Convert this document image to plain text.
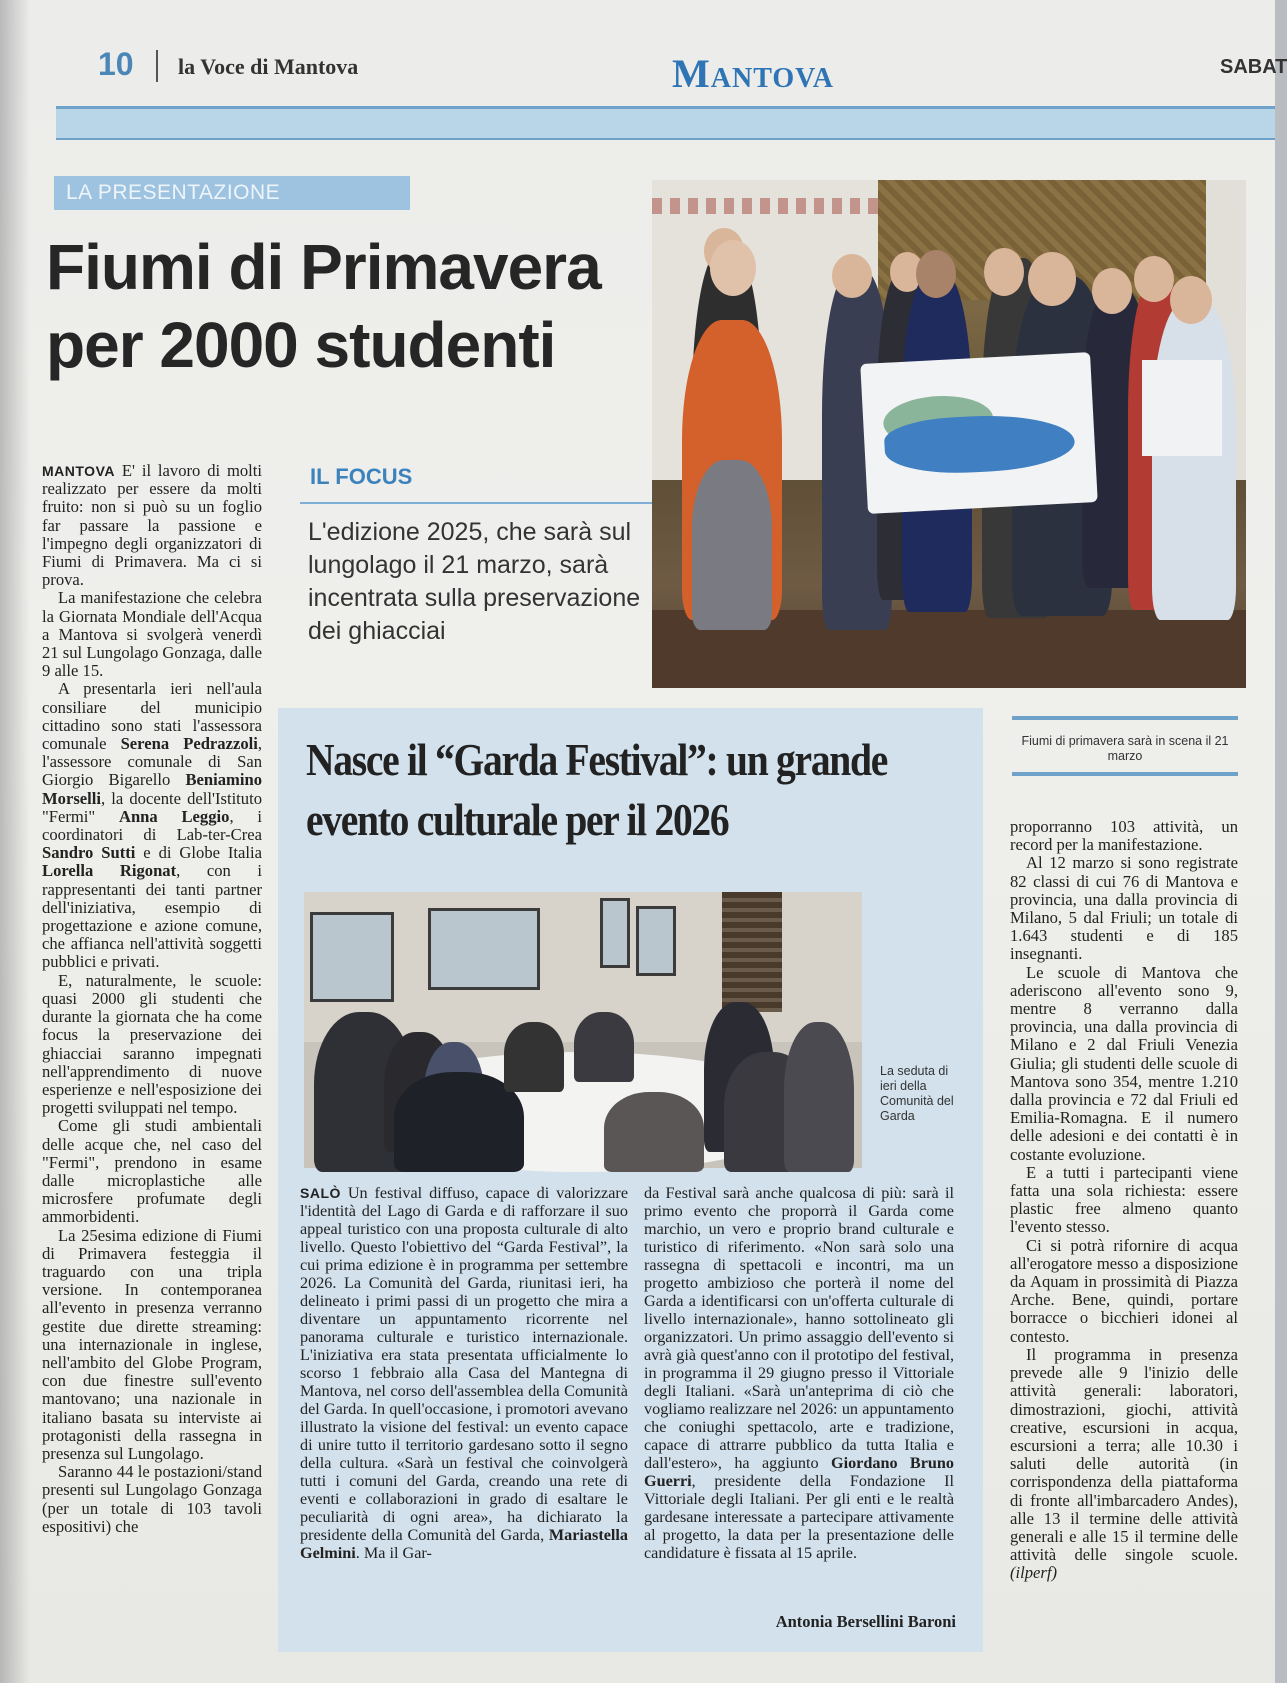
10 la Voce di Mantova	Mantova	SABAT
LA PRESENTAZIONE
Fiumi di Primavera
per 2000 studenti
IL FOCUS
L'edizione 2025, che sarà sul lungolago il 21 marzo, sarà incentrata sulla preservazione dei ghiacciai

MANTOVA E' il lavoro di molti realizzato per essere da molti fruito: non si può su un foglio far passare la passione e l'impegno degli organizzatori di Fiumi di Primavera. Ma ci si prova.

La manifestazione che celebra la Giornata Mondiale dell'Acqua a Mantova si svolgerà venerdì 21 sul Lungolago Gonzaga, dalle 9 alle 15.

A presentarla ieri nell'aula consiliare del municipio cittadino sono stati l'assessora comunale Serena Pedrazzoli, l'assessore comunale di San Giorgio Bigarello Beniamino Morselli, la docente dell'Istituto "Fermi" Anna Leggio, i coordinatori di Lab-ter-Crea Sandro Sutti e di Globe Italia Lorella Rigonat, con i rappresentanti dei tanti partner dell'iniziativa, esempio di progettazione e azione comune, che affianca nell'attività soggetti pubblici e privati.

E, naturalmente, le scuole: quasi 2000 gli studenti che durante la giornata che ha come focus la preservazione dei ghiacciai saranno impegnati nell'apprendimento di nuove esperienze e nell'esposizione dei progetti sviluppati nel tempo.

Come gli studi ambientali delle acque che, nel caso del "Fermi", prendono in esame dalle microplastiche alle microsfere profumate degli ammorbidenti.

La 25esima edizione di Fiumi di Primavera festeggia il traguardo con una tripla versione. In contemporanea all'evento in presenza verranno gestite due dirette streaming: una internazionale in inglese, nell'ambito del Globe Program, con due finestre sull'evento mantovano; una nazionale in italiano basata su interviste ai protagonisti della rassegna in presenza sul Lungolago.

Saranno 44 le postazioni/stand presenti sul Lungolago Gonzaga (per un totale di 103 tavoli espositivi) che

Nasce il “Garda Festival”: un grande
evento culturale per il 2026
La seduta di ieri della Comunità del Garda

SALÒ Un festival diffuso, capace di valorizzare l'identità del Lago di Garda e di rafforzare il suo appeal turistico con una proposta culturale di alto livello. Questo l'obiettivo del “Garda Festival”, la cui prima edizione è in programma per settembre 2026. La Comunità del Garda, riunitasi ieri, ha delineato i primi passi di un progetto che mira a diventare un appuntamento ricorrente nel panorama culturale e turistico internazionale. L'iniziativa era stata presentata ufficialmente lo scorso 1 febbraio alla Casa del Mantegna di Mantova, nel corso dell'assemblea della Comunità del Garda. In quell'occasione, i promotori avevano illustrato la visione del festival: un evento capace di unire tutto il territorio gardesano sotto il segno della cultura. «Sarà un festival che coinvolgerà tutti i comuni del Garda, creando una rete di eventi e collaborazioni in grado di esaltare le peculiarità di ogni area», ha dichiarato la presidente della Comunità del Garda, Mariastella Gelmini. Ma il Gar-

da Festival sarà anche qualcosa di più: sarà il primo evento che proporrà il Garda come marchio, un vero e proprio brand culturale e turistico di riferimento. «Non sarà solo una rassegna di spettacoli e incontri, ma un progetto ambizioso che porterà il nome del Garda a identificarsi con un'offerta culturale di livello internazionale», hanno sottolineato gli organizzatori. Un primo assaggio dell'evento si avrà già quest'anno con il prototipo del festival, in programma il 29 giugno presso il Vittoriale degli Italiani. «Sarà un'anteprima di ciò che vogliamo realizzare nel 2026: un appuntamento che coniughi spettacolo, arte e tradizione, capace di attrarre pubblico da tutta Italia e dall'estero», ha aggiunto Giordano Bruno Guerri, presidente della Fondazione Il Vittoriale degli Italiani. Per gli enti e le realtà gardesane interessate a partecipare attivamente al progetto, la data per la presentazione delle candidature è fissata al 15 aprile.

Antonia Bersellini Baroni
Fiumi di primavera sarà in scena il 21 marzo

proporranno 103 attività, un record per la manifestazione.

Al 12 marzo si sono registrate 82 classi di cui 76 di Mantova e provincia, una dalla provincia di Milano, 5 dal Friuli; un totale di 1.643 studenti e di 185 insegnanti.

Le scuole di Mantova che aderiscono all'evento sono 9, mentre 8 verranno dalla provincia, una dalla provincia di Milano e 2 dal Friuli Venezia Giulia; gli studenti delle scuole di Mantova sono 354, mentre 1.210 dalla provincia e 72 dal Friuli ed Emilia-Romagna. E il numero delle adesioni e dei contatti è in costante evoluzione.

E a tutti i partecipanti viene fatta una sola richiesta: essere plastic free almeno quanto l'evento stesso.

Ci si potrà rifornire di acqua all'erogatore messo a disposizione da Aquam in prossimità di Piazza Arche. Bene, quindi, portare borracce o bicchieri idonei al contesto.

Il programma in presenza prevede alle 9 l'inizio delle attività generali: laboratori, dimostrazioni, giochi, attività creative, escursioni in acqua, escursioni a terra; alle 10.30 i saluti delle autorità (in corrispondenza della piattaforma di fronte all'imbarcadero Andes), alle 13 il termine delle attività generali e alle 15 il termine delle attività delle singole scuole. (ilperf)
